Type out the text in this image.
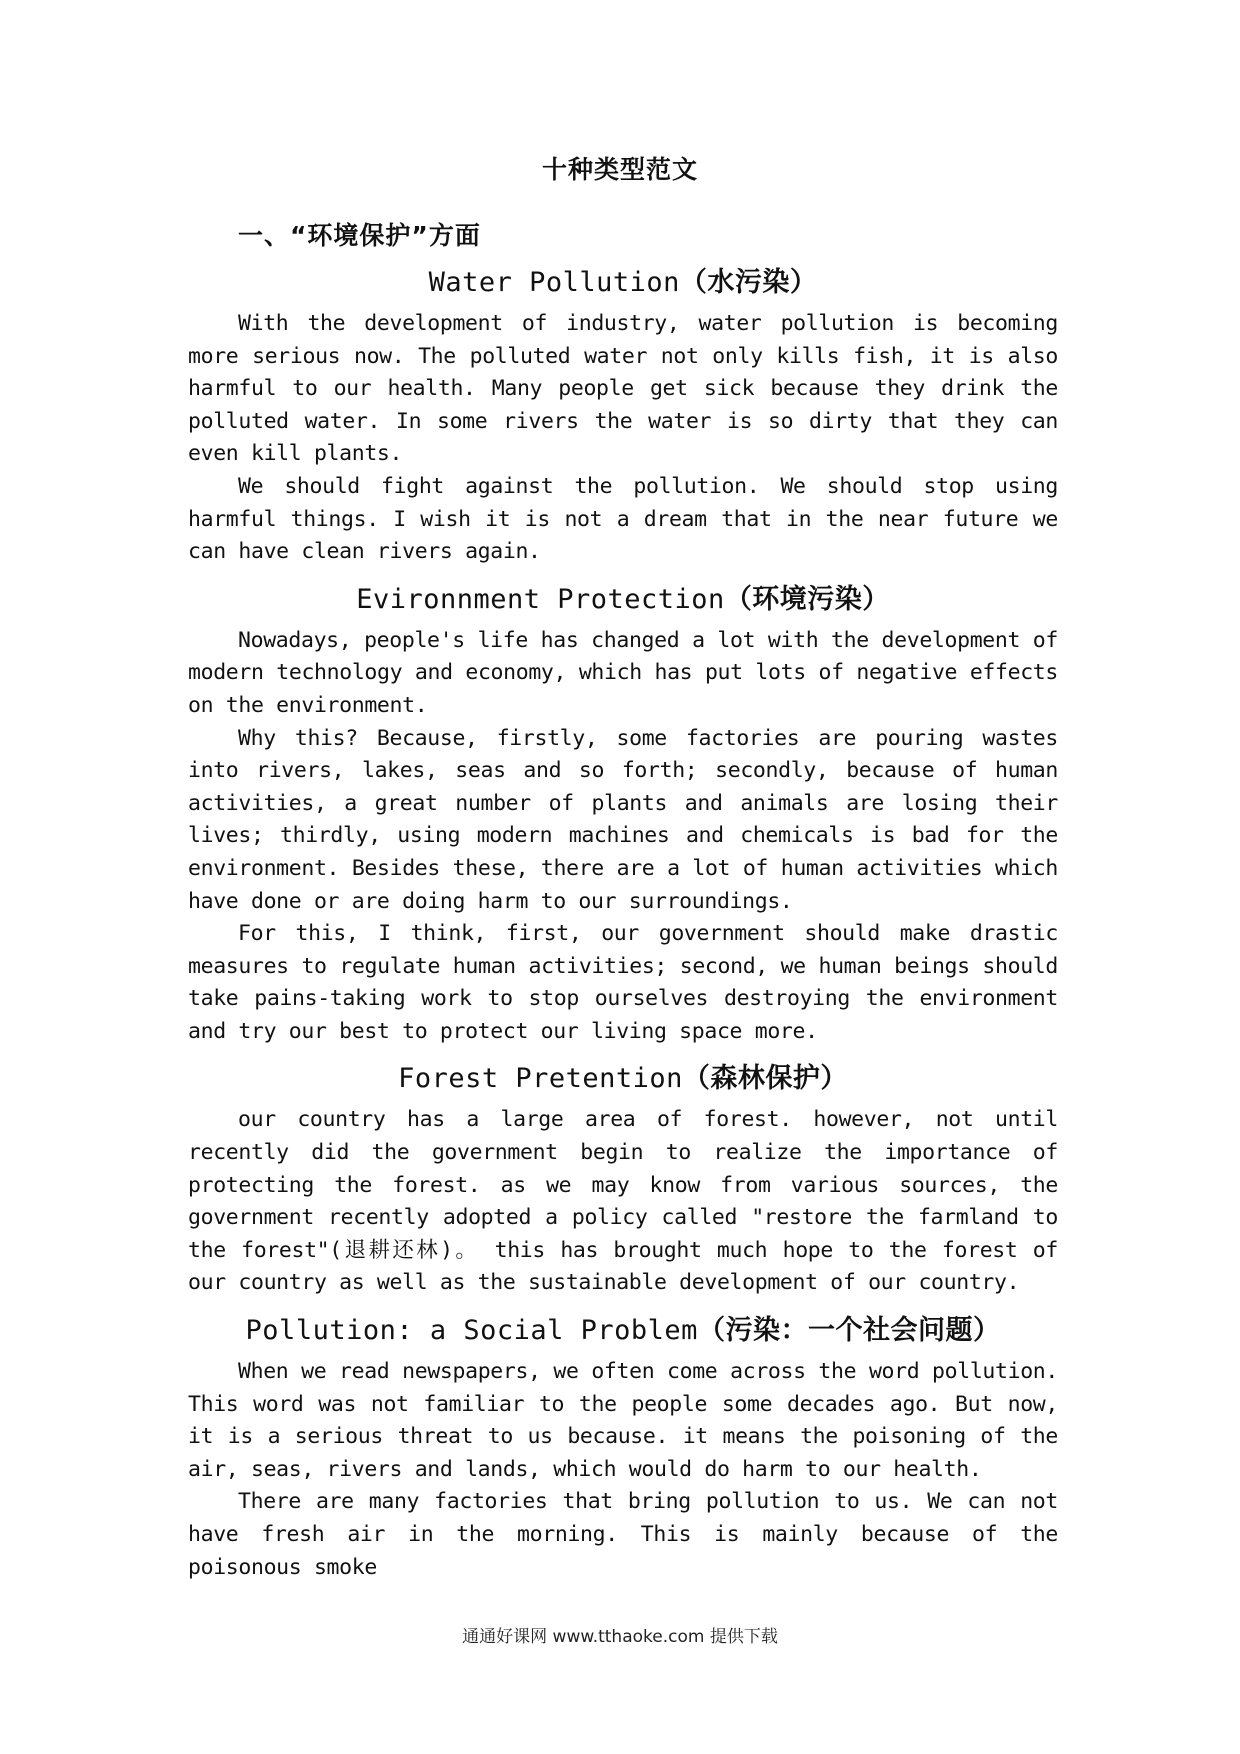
十种类型范文
一、“环境保护”方面
Water Pollution（水污染）

With the development of industry, water pollution is becoming more serious now. The polluted water not only kills fish, it is also harmful to our health. Many people get sick because they drink the polluted water. In some rivers the water is so dirty that they can even kill plants.

We should fight against the pollution. We should stop using harmful things. I wish it is not a dream that in the near future we can have clean rivers again.

Evironnment Protection（环境污染）

Nowadays, people's life has changed a lot with the development of modern technology and economy, which has put lots of negative effects on the environment.

Why this? Because, firstly, some factories are pouring wastes into rivers, lakes, seas and so forth; secondly, because of human activities, a great number of plants and animals are losing their lives; thirdly, using modern machines and chemicals is bad for the environment. Besides these, there are a lot of human activities which have done or are doing harm to our surroundings.

For this, I think, first, our government should make drastic measures to regulate human activities; second, we human beings should take pains-taking work to stop ourselves destroying the environment and try our best to protect our living space more.

Forest Pretention（森林保护）

our country has a large area of forest. however, not until recently did the government begin to realize the importance of protecting the forest. as we may know from various sources, the government recently adopted a policy called "restore the farmland to the forest"(退耕还林)。 this has brought much hope to the forest of our country as well as the sustainable development of our country.

Pollution: a Social Problem（污染：一个社会问题）

When we read newspapers, we often come across the word pollution. This word was not familiar to the people some decades ago. But now, it is a serious threat to us because. it means the poisoning of the air, seas, rivers and lands, which would do harm to our health.

There are many factories that bring pollution to us. We can not have fresh air in the morning. This is mainly because of the poisonous smoke

通通好课网 www.tthaoke.com 提供下载
